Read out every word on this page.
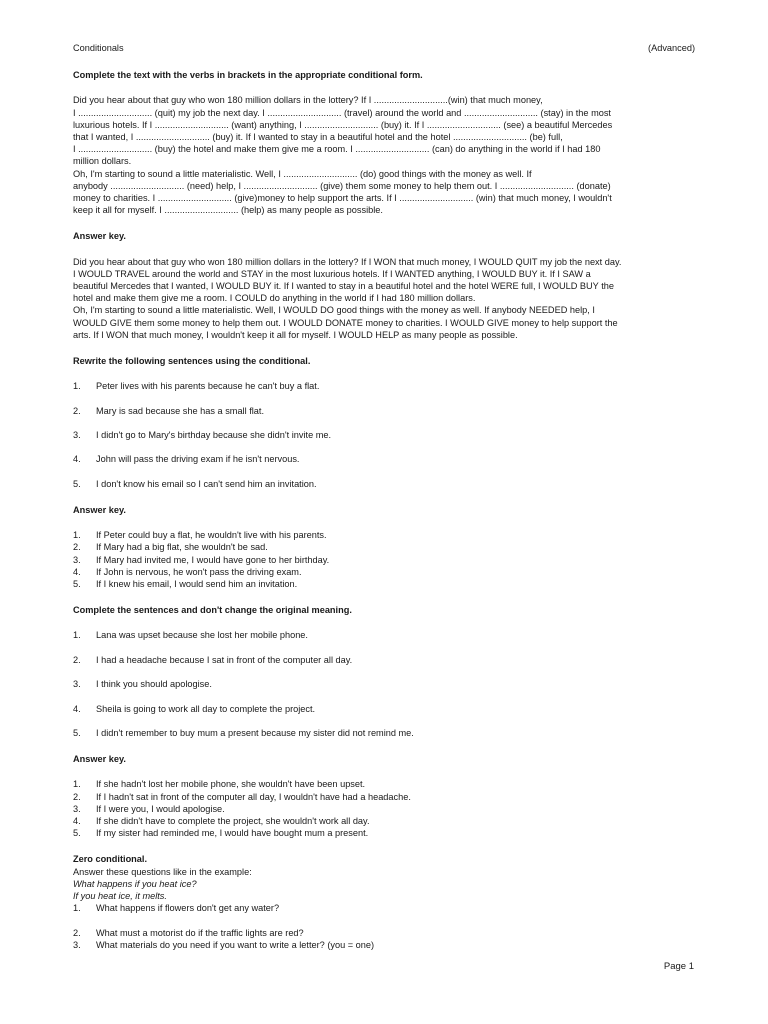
Conditionals	(Advanced)
Complete the text with the verbs in brackets in the appropriate conditional form.

Did you hear about that guy who won 180 million dollars in the lottery? If I .............................(win) that much money,

I ............................. (quit) my job the next day. I ............................. (travel) around the world and ............................. (stay) in the most

luxurious hotels. If I ............................. (want) anything, I ............................. (buy) it. If I ............................. (see) a beautiful Mercedes

that I wanted, I ............................. (buy) it. If I wanted to stay in a beautiful hotel and the hotel ............................. (be) full,

I ............................. (buy) the hotel and make them give me a room. I ............................. (can) do anything in the world if I had 180

million dollars.

Oh, I'm starting to sound a little materialistic. Well, I ............................. (do) good things with the money as well. If

anybody ............................. (need) help, I ............................. (give) them some money to help them out. I ............................. (donate)

money to charities. I ............................. (give)money to help support the arts. If I ............................. (win) that much money, I wouldn't

keep it all for myself. I ............................. (help) as many people as possible.

Answer key.

Did you hear about that guy who won 180 million dollars in the lottery? If I WON that much money, I WOULD QUIT my job the next day.

I WOULD TRAVEL around the world and STAY in the most luxurious hotels. If I WANTED anything, I WOULD BUY it. If I SAW a

beautiful Mercedes that I wanted, I WOULD BUY it. If I wanted to stay in a beautiful hotel and the hotel WERE full, I WOULD BUY the

hotel and make them give me a room. I COULD do anything in the world if I had 180 million dollars.

Oh, I'm starting to sound a little materialistic. Well, I WOULD DO good things with the money as well. If anybody NEEDED help, I

WOULD GIVE them some money to help them out. I WOULD DONATE money to charities. I WOULD GIVE money to help support the

arts. If I WON that much money, I wouldn't keep it all for myself. I WOULD HELP as many people as possible.

Rewrite the following sentences using the conditional.
1.	Peter lives with his parents because he can't buy a flat.
2.	Mary is sad because she has a small flat.
3.	I didn't go to Mary's birthday because she didn't invite me.
4.	John will pass the driving exam if he isn't nervous.
5.	I don't know his email so I can't send him an invitation.
Answer key.
1.	If Peter could buy a flat, he wouldn't live with his parents.
2.	If Mary had a big flat, she wouldn't be sad.
3.	If Mary had invited me, I would have gone to her birthday.
4.	If John is nervous, he won't pass the driving exam.
5.	If I knew his email, I would send him an invitation.
Complete the sentences and don't change the original meaning.
1.	Lana was upset because she lost her mobile phone.
2.	I had a headache because I sat in front of the computer all day.
3.	I think you should apologise.
4.	Sheila is going to work all day to complete the project.
5.	I didn't remember to buy mum a present because my sister did not remind me.
Answer key.
1.	If she hadn't lost her mobile phone, she wouldn't have been upset.
2.	If I hadn't sat in front of the computer all day, I wouldn't have had a headache.
3.	If I were you, I would apologise.
4.	If she didn't have to complete the project, she wouldn't work all day.
5.	If my sister had reminded me, I would have bought mum a present.
Zero conditional.

Answer these questions like in the example:

What happens if you heat ice?

If you heat ice, it melts.

1.	What happens if flowers don't get any water?
2.	What must a motorist do if the traffic lights are red?
3.	What materials do you need if you want to write a letter? (you = one)
Page 1
